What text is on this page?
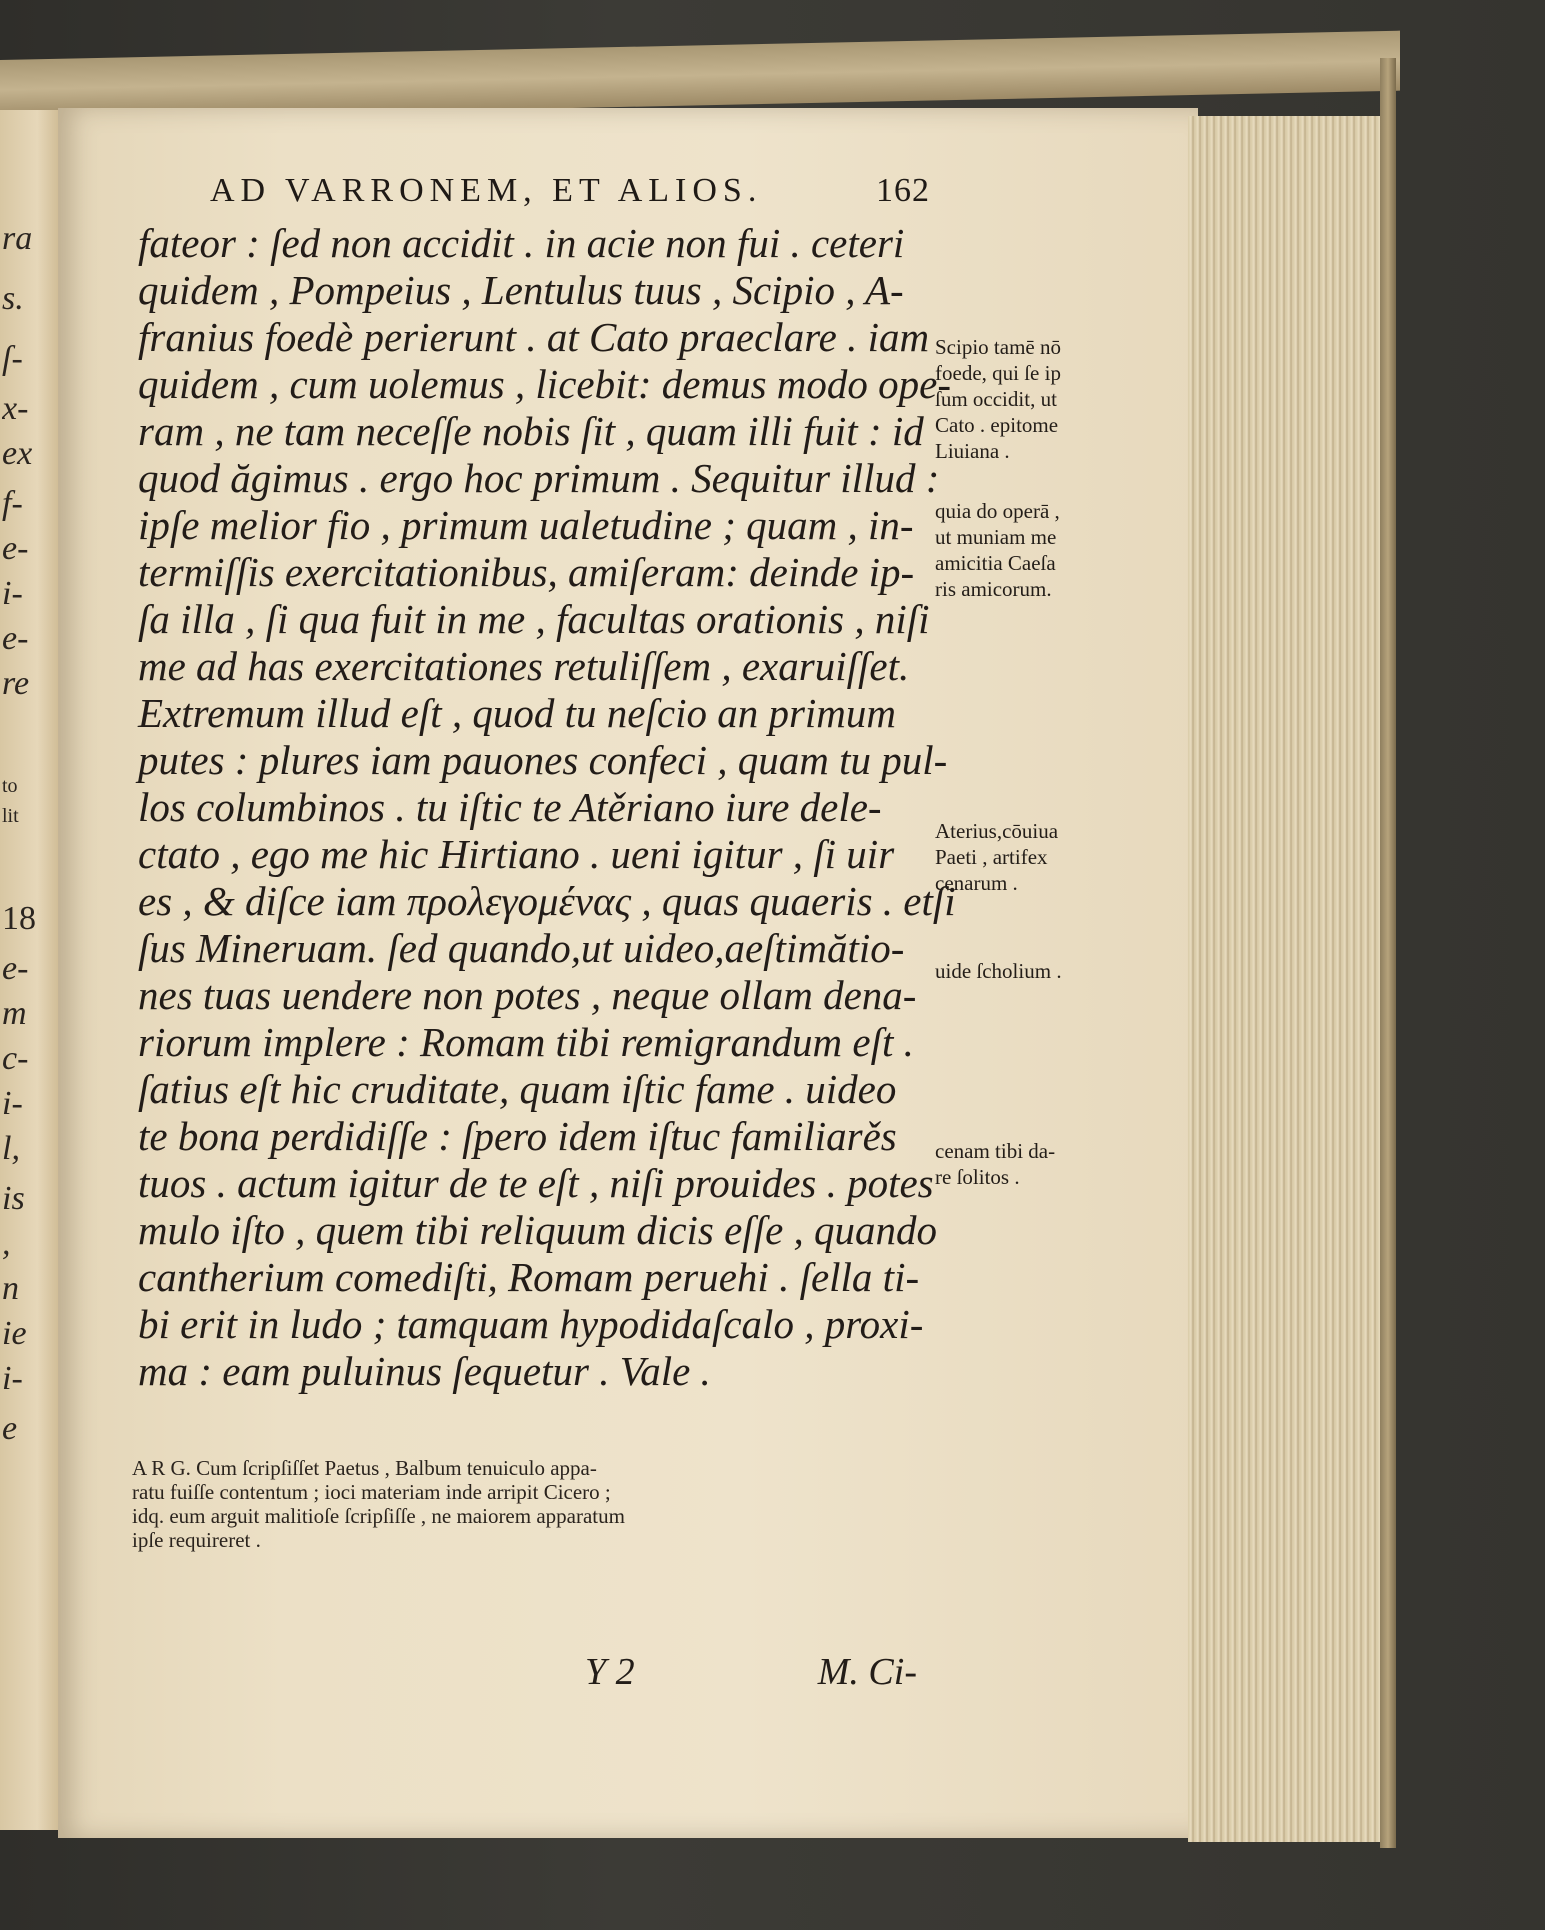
ra
s.
ſ-
x-
ex
f-
e-
i-
e-
re
to
lit
18
e-
m
c-
i-
l,
is
,
n
ie
i-
e
AD VARRONEM, ET ALIOS.	162
fateor : ſed non accidit . in acie non fui . ceteri
quidem , Pompeius , Lentulus tuus , Scipio , A-
franius foedè perierunt . at Cato praeclare . iam
quidem , cum uolemus , licebit: demus modo ope-
ram , ne tam neceſſe nobis ſit , quam illi fuit : id
quod ăgimus . ergo hoc primum . Sequitur illud :
ipſe melior fio , primum ualetudine ; quam , in-
termiſſis exercitationibus, amiſeram: deinde ip-
ſa illa , ſi qua fuit in me , facultas orationis , niſi
me ad has exercitationes retuliſſem , exaruiſſet.
Extremum illud eſt , quod tu neſcio an primum
putes : plures iam pauones confeci , quam tu pul-
los columbinos . tu iſtic te Atěriano iure dele-
ctato , ego me hic Hirtiano . ueni igitur , ſi uir
es , & diſce iam προλεγομένας , quas quaeris . etſi
ſus Mineruam. ſed quando,ut uideo,aeſtimătio-
nes tuas uendere non potes , neque ollam dena-
riorum implere : Romam tibi remigrandum eſt .
ſatius eſt hic cruditate, quam iſtic fame . uideo
te bona perdidiſſe : ſpero idem iſtuc familiarěs
tuos . actum igitur de te eſt , niſi prouides . potes
mulo iſto , quem tibi reliquum dicis eſſe , quando
cantherium comediſti, Romam peruehi . ſella ti-
bi erit in ludo ; tamquam hypodidaſcalo , proxi-
ma : eam puluinus ſequetur . Vale .
Scipio tamē nō
foede, qui ſe ip
ſum occidit, ut
Cato . epitome
Liuiana .
quia do operā ,
ut muniam me
amicitia Caeſa
ris amicorum.
Aterius,cōuiua
Paeti , artifex
cenarum .
uide ſcholium .
cenam tibi da-
re ſolitos .
A R G. Cum ſcripſiſſet Paetus , Balbum tenuiculo appa-
ratu fuiſſe contentum ; ioci materiam inde arripit Cicero ;
idq. eum arguit malitioſe ſcripſiſſe , ne maiorem apparatum
ipſe requireret .
Y 2	M. Ci-
